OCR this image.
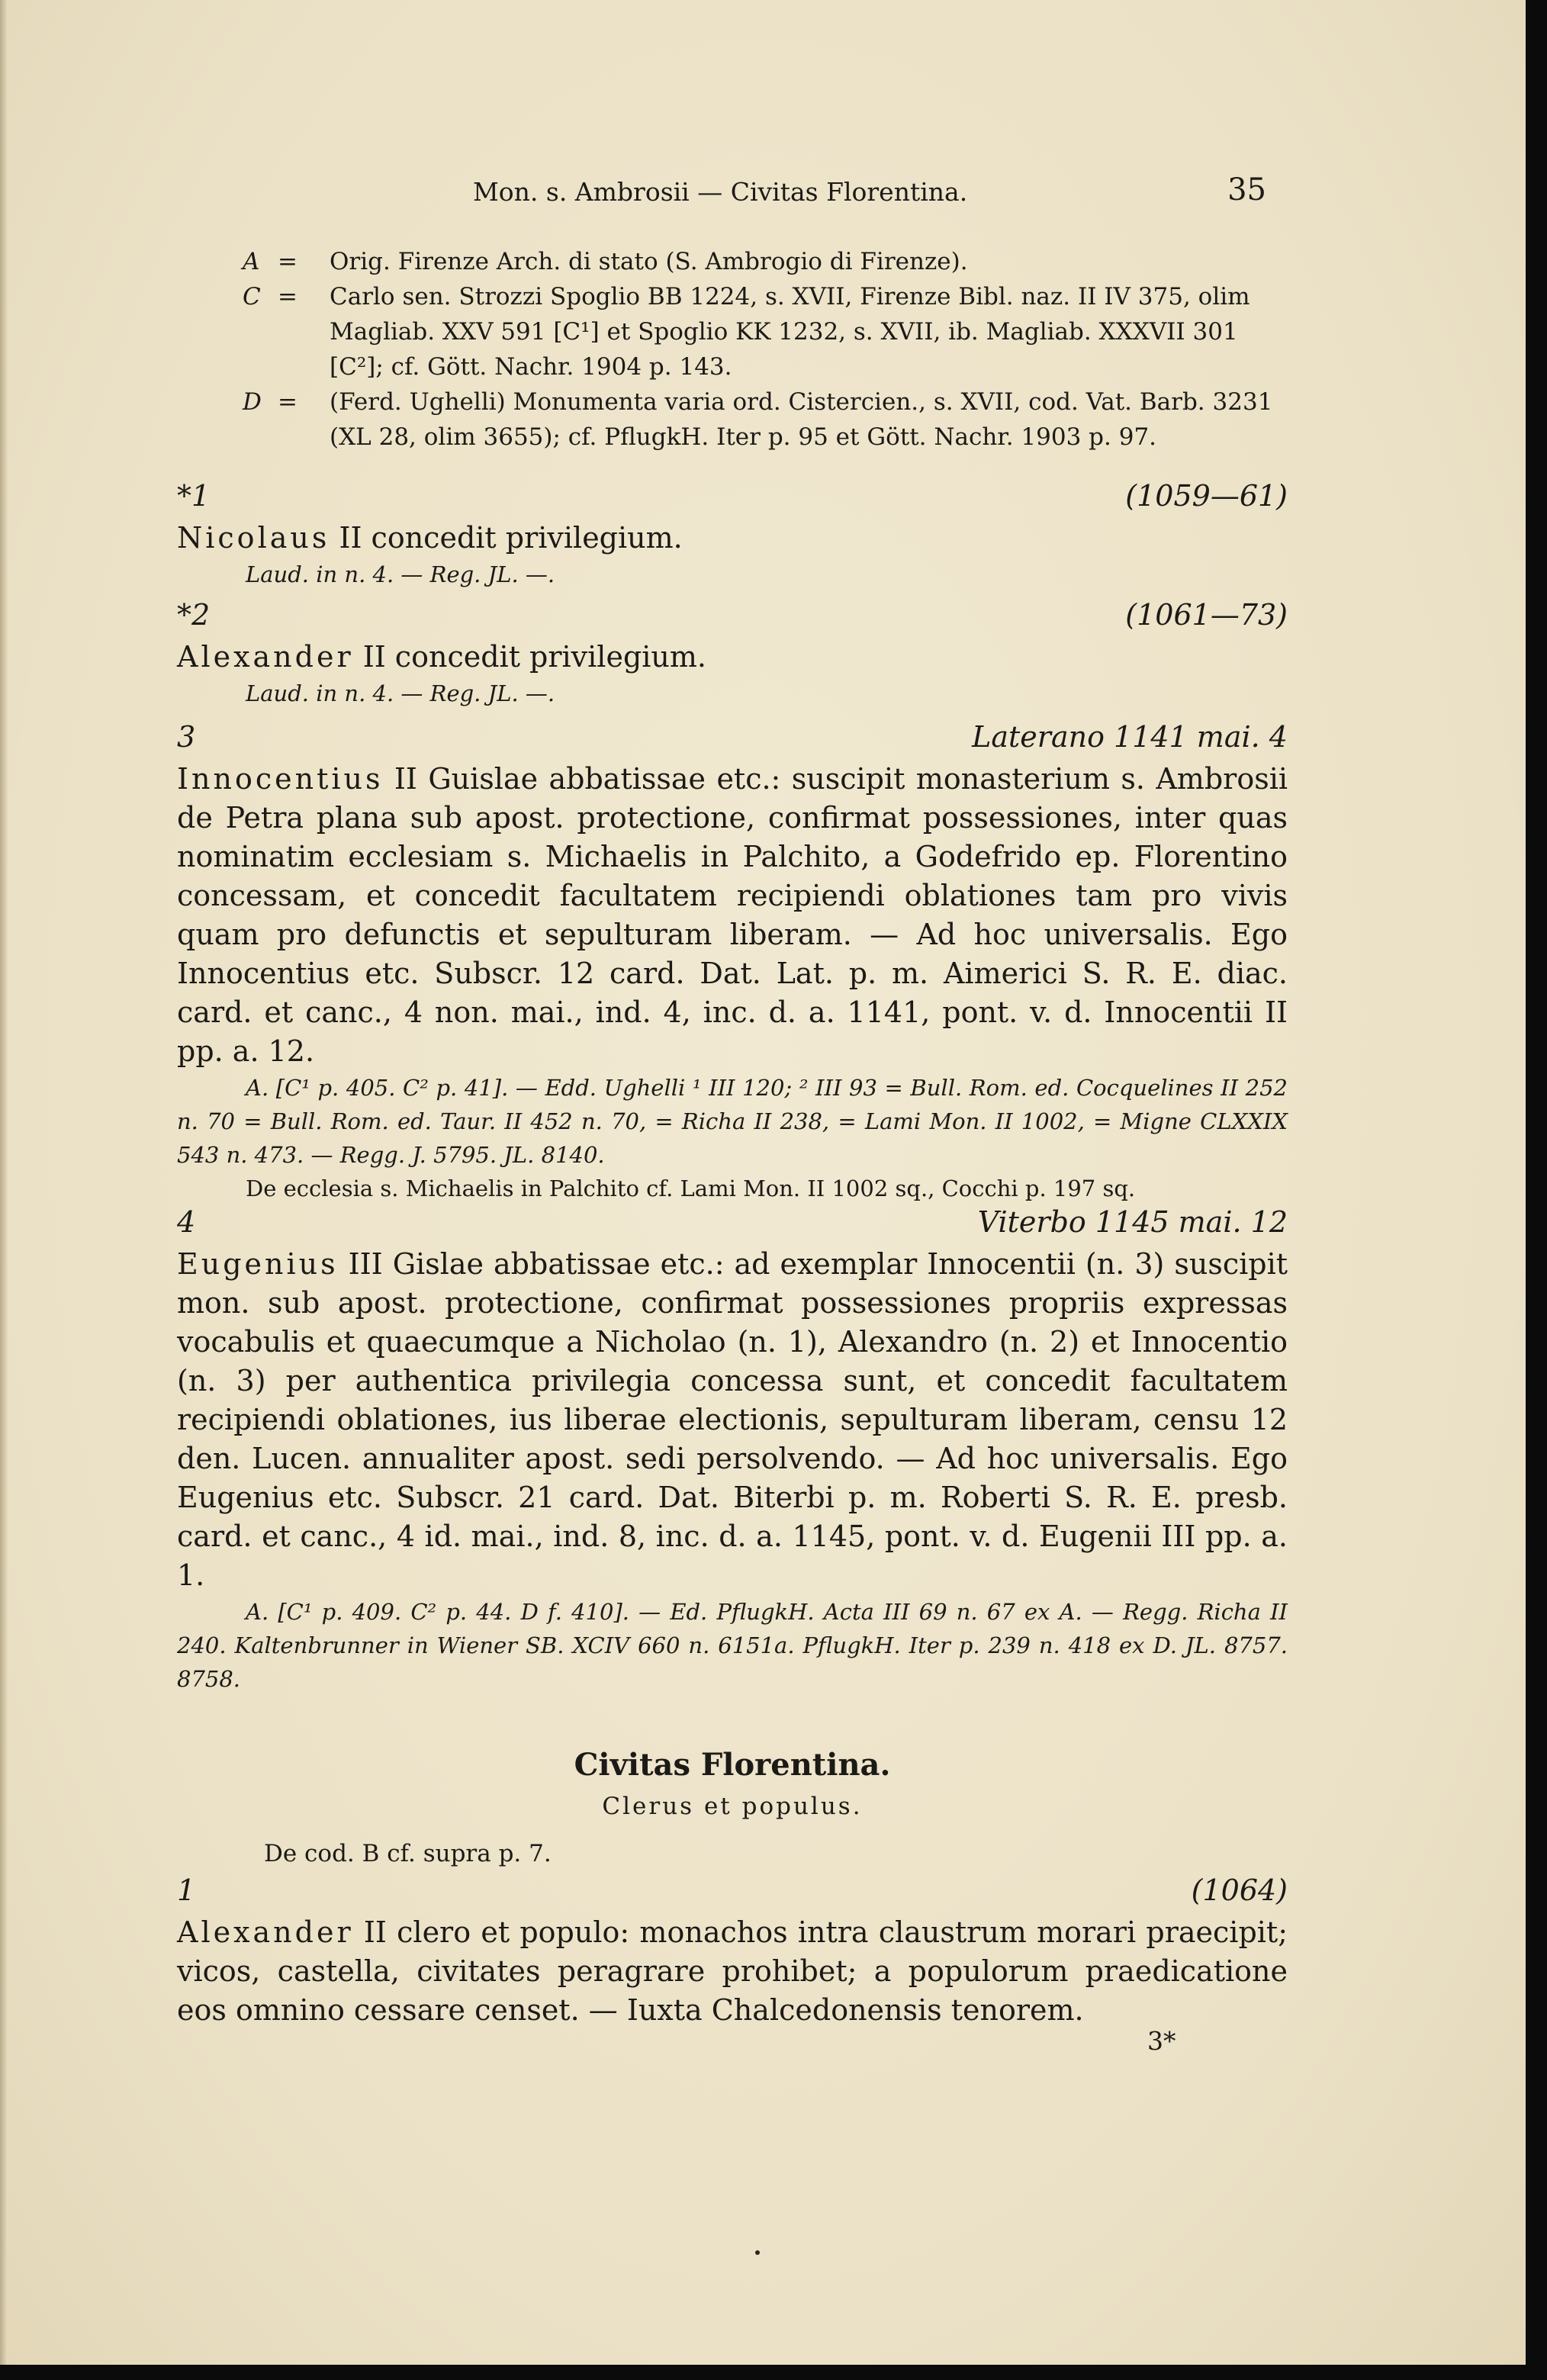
Mon. s. Ambrosii — Civitas Florentina.	35
A = Orig. Firenze Arch. di stato (S. Ambrogio di Firenze).
C = Carlo sen. Strozzi Spoglio BB 1224, s. XVII, Firenze Bibl. naz. II IV 375, olim Magliab. XXV 591 [C¹] et Spoglio KK 1232, s. XVII, ib. Magliab. XXXVII 301 [C²]; cf. Gött. Nachr. 1904 p. 143.
D = (Ferd. Ughelli) Monumenta varia ord. Cistercien., s. XVII, cod. Vat. Barb. 3231 (XL 28, olim 3655); cf. PflugkH. Iter p. 95 et Gött. Nachr. 1903 p. 97.
*1	(1059—61)
Nicolaus II concedit privilegium.
Laud. in n. 4. — Reg. JL. —.
*2	(1061—73)
Alexander II concedit privilegium.
Laud. in n. 4. — Reg. JL. —.
3	Laterano 1141 mai. 4
Innocentius II Guislae abbatissae etc.: suscipit monasterium s. Ambrosii de Petra plana sub apost. protectione, confirmat possessiones, inter quas nominatim ecclesiam s. Michaelis in Palchito, a Godefrido ep. Florentino concessam, et concedit facultatem recipiendi oblationes tam pro vivis quam pro defunctis et sepulturam liberam. — Ad hoc universalis. Ego Innocentius etc. Subscr. 12 card. Dat. Lat. p. m. Aimerici S. R. E. diac. card. et canc., 4 non. mai., ind. 4, inc. d. a. 1141, pont. v. d. Innocentii II pp. a. 12.
A. [C¹ p. 405. C² p. 41]. — Edd. Ughelli ¹ III 120; ² III 93 = Bull. Rom. ed. Cocquelines II 252 n. 70 = Bull. Rom. ed. Taur. II 452 n. 70, = Richa II 238, = Lami Mon. II 1002, = Migne CLXXIX 543 n. 473. — Regg. J. 5795. JL. 8140.
De ecclesia s. Michaelis in Palchito cf. Lami Mon. II 1002 sq., Cocchi p. 197 sq.
4	Viterbo 1145 mai. 12
Eugenius III Gislae abbatissae etc.: ad exemplar Innocentii (n. 3) suscipit mon. sub apost. protectione, confirmat possessiones propriis expressas vocabulis et quaecumque a Nicholao (n. 1), Alexandro (n. 2) et Innocentio (n. 3) per authentica privilegia concessa sunt, et concedit facultatem recipiendi oblationes, ius liberae electionis, sepulturam liberam, censu 12 den. Lucen. annualiter apost. sedi persolvendo. — Ad hoc universalis. Ego Eugenius etc. Subscr. 21 card. Dat. Biterbi p. m. Roberti S. R. E. presb. card. et canc., 4 id. mai., ind. 8, inc. d. a. 1145, pont. v. d. Eugenii III pp. a. 1.
A. [C¹ p. 409. C² p. 44. D f. 410]. — Ed. PflugkH. Acta III 69 n. 67 ex A. — Regg. Richa II 240. Kaltenbrunner in Wiener SB. XCIV 660 n. 6151a. PflugkH. Iter p. 239 n. 418 ex D. JL. 8757. 8758.
Civitas Florentina.
Clerus et populus.
De cod. B cf. supra p. 7.
1	(1064)
Alexander II clero et populo: monachos intra claustrum morari praecipit; vicos, castella, civitates peragrare prohibet; a populorum praedicatione eos omnino cessare censet. — Iuxta Chalcedonensis tenorem.
3*
